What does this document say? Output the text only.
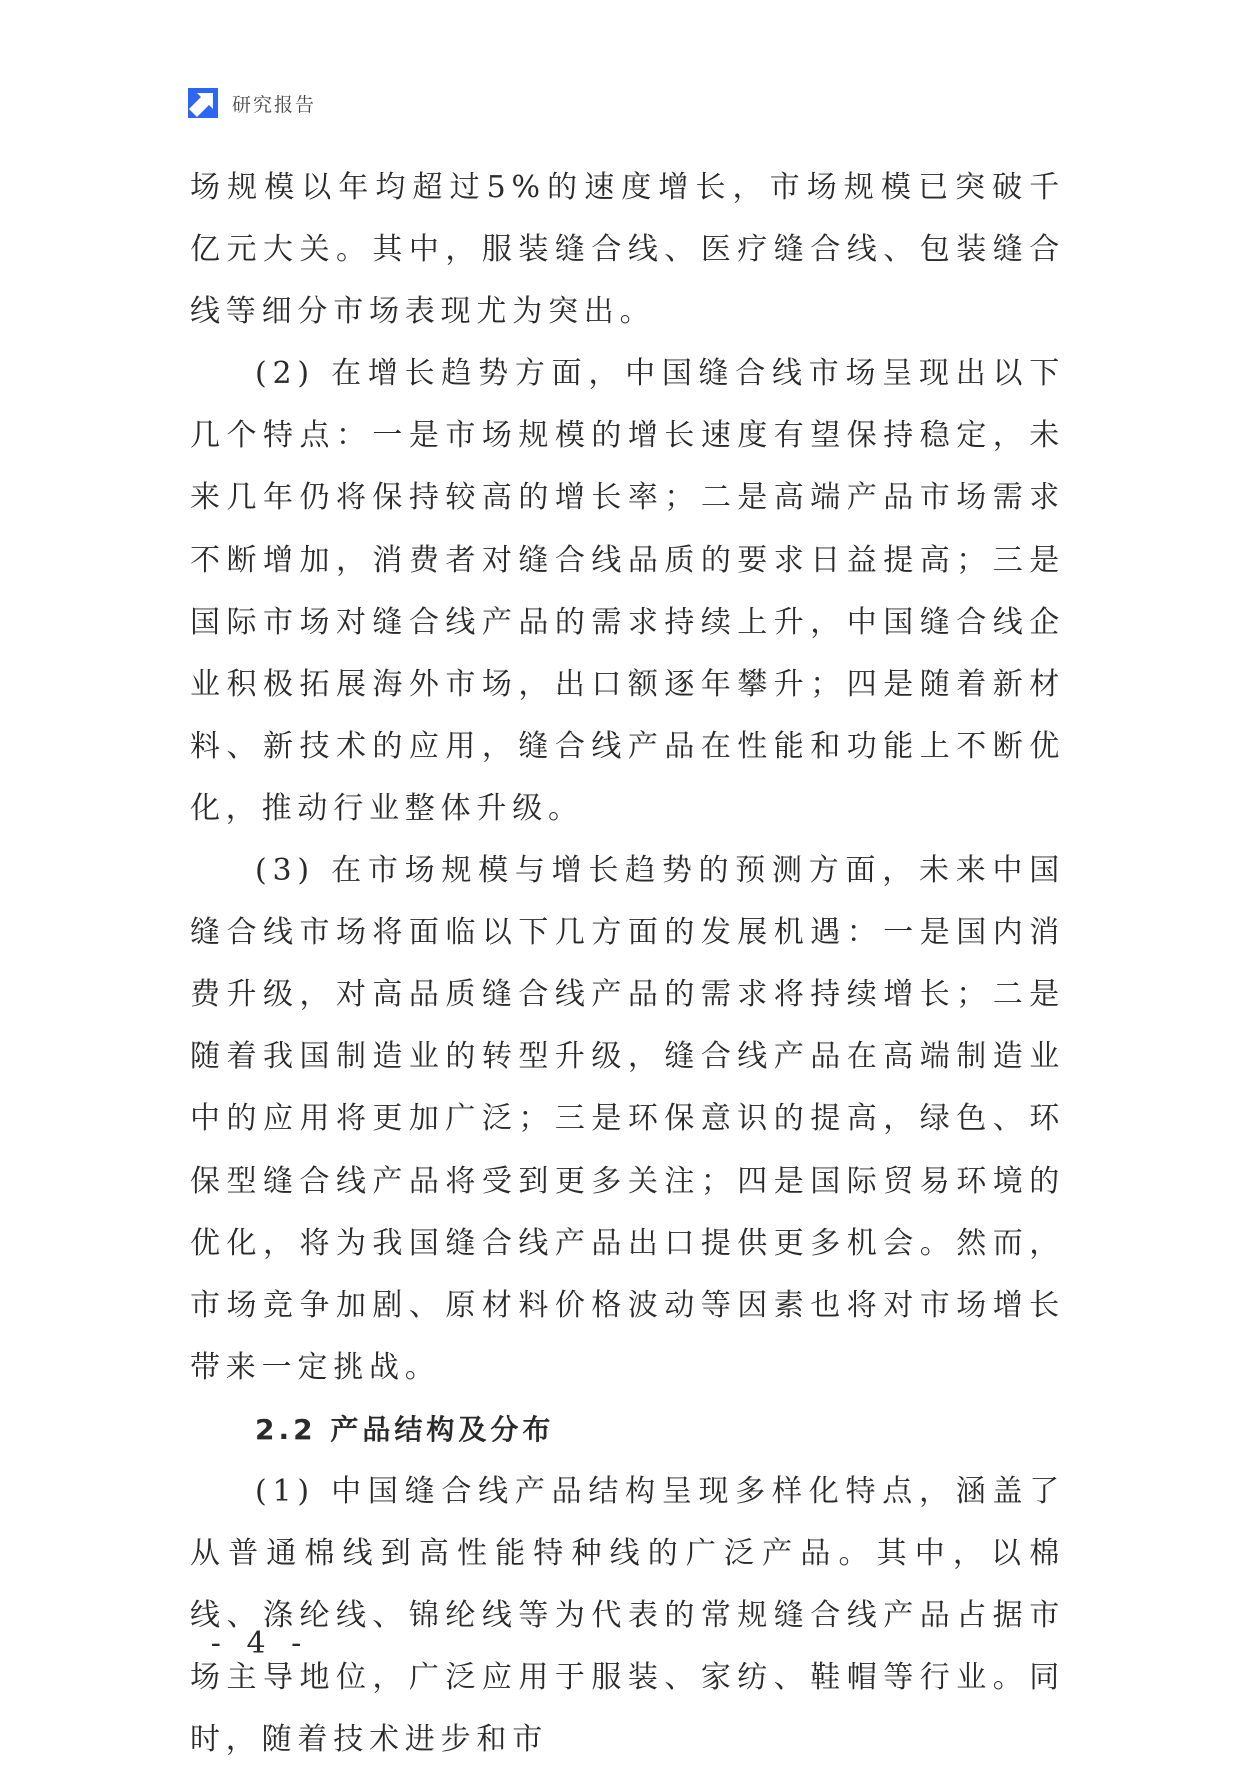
研究报告

场规模以年均超过5%的速度增长，市场规模已突破千亿元大关。其中，服装缝合线、医疗缝合线、包装缝合线等细分市场表现尤为突出。

(2) 在增长趋势方面，中国缝合线市场呈现出以下几个特点：一是市场规模的增长速度有望保持稳定，未来几年仍将保持较高的增长率；二是高端产品市场需求不断增加，消费者对缝合线品质的要求日益提高；三是国际市场对缝合线产品的需求持续上升，中国缝合线企业积极拓展海外市场，出口额逐年攀升；四是随着新材料、新技术的应用，缝合线产品在性能和功能上不断优化，推动行业整体升级。

(3) 在市场规模与增长趋势的预测方面，未来中国缝合线市场将面临以下几方面的发展机遇：一是国内消费升级，对高品质缝合线产品的需求将持续增长；二是随着我国制造业的转型升级，缝合线产品在高端制造业中的应用将更加广泛；三是环保意识的提高，绿色、环保型缝合线产品将受到更多关注；四是国际贸易环境的优化，将为我国缝合线产品出口提供更多机会。然而，市场竞争加剧、原材料价格波动等因素也将对市场增长带来一定挑战。

2.2 产品结构及分布

(1) 中国缝合线产品结构呈现多样化特点，涵盖了从普通棉线到高性能特种线的广泛产品。其中，以棉线、涤纶线、锦纶线等为代表的常规缝合线产品占据市场主导地位，广泛应用于服装、家纺、鞋帽等行业。同时，随着技术进步和市

- 4 -
